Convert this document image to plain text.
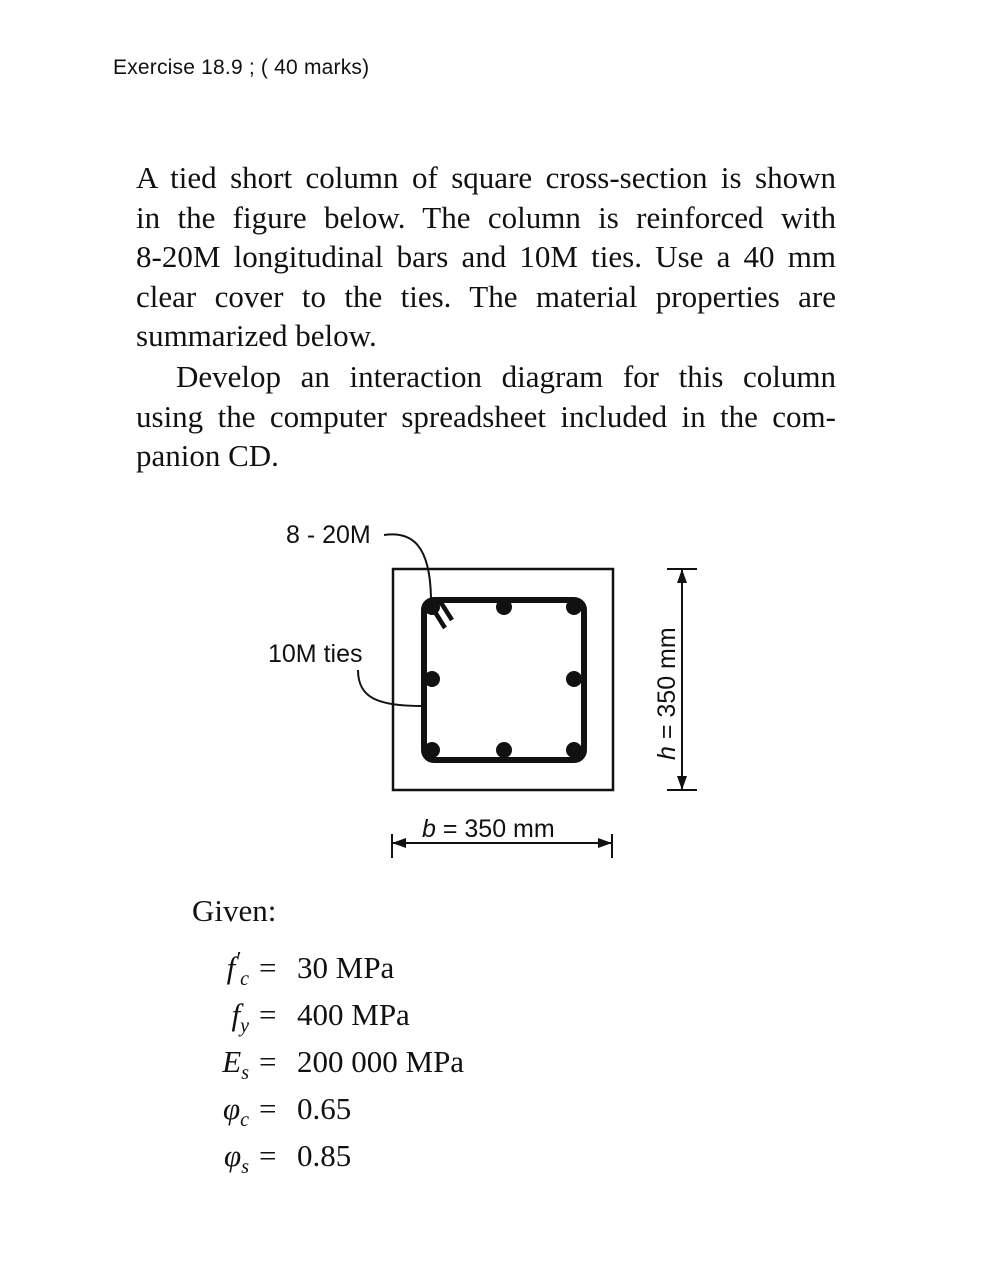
Exercise 18.9 ; ( 40 marks)
A tied short column of square cross-section is shown
in the figure below. The column is reinforced with
8-20M longitudinal bars and 10M ties. Use a 40 mm
clear cover to the ties. The material properties are
summarized below.
Develop an interaction diagram for this column
using the computer spreadsheet included in the com-
panion CD.
8 - 20M
10M ties
b = 350 mm
h = 350 mm
Given:
$f'_c = 30$ MPa
$f_y = 400$ MPa
$E_s = 200$ 000 MPa
$\varphi_c = 0.65$
$\varphi_s = 0.85$
